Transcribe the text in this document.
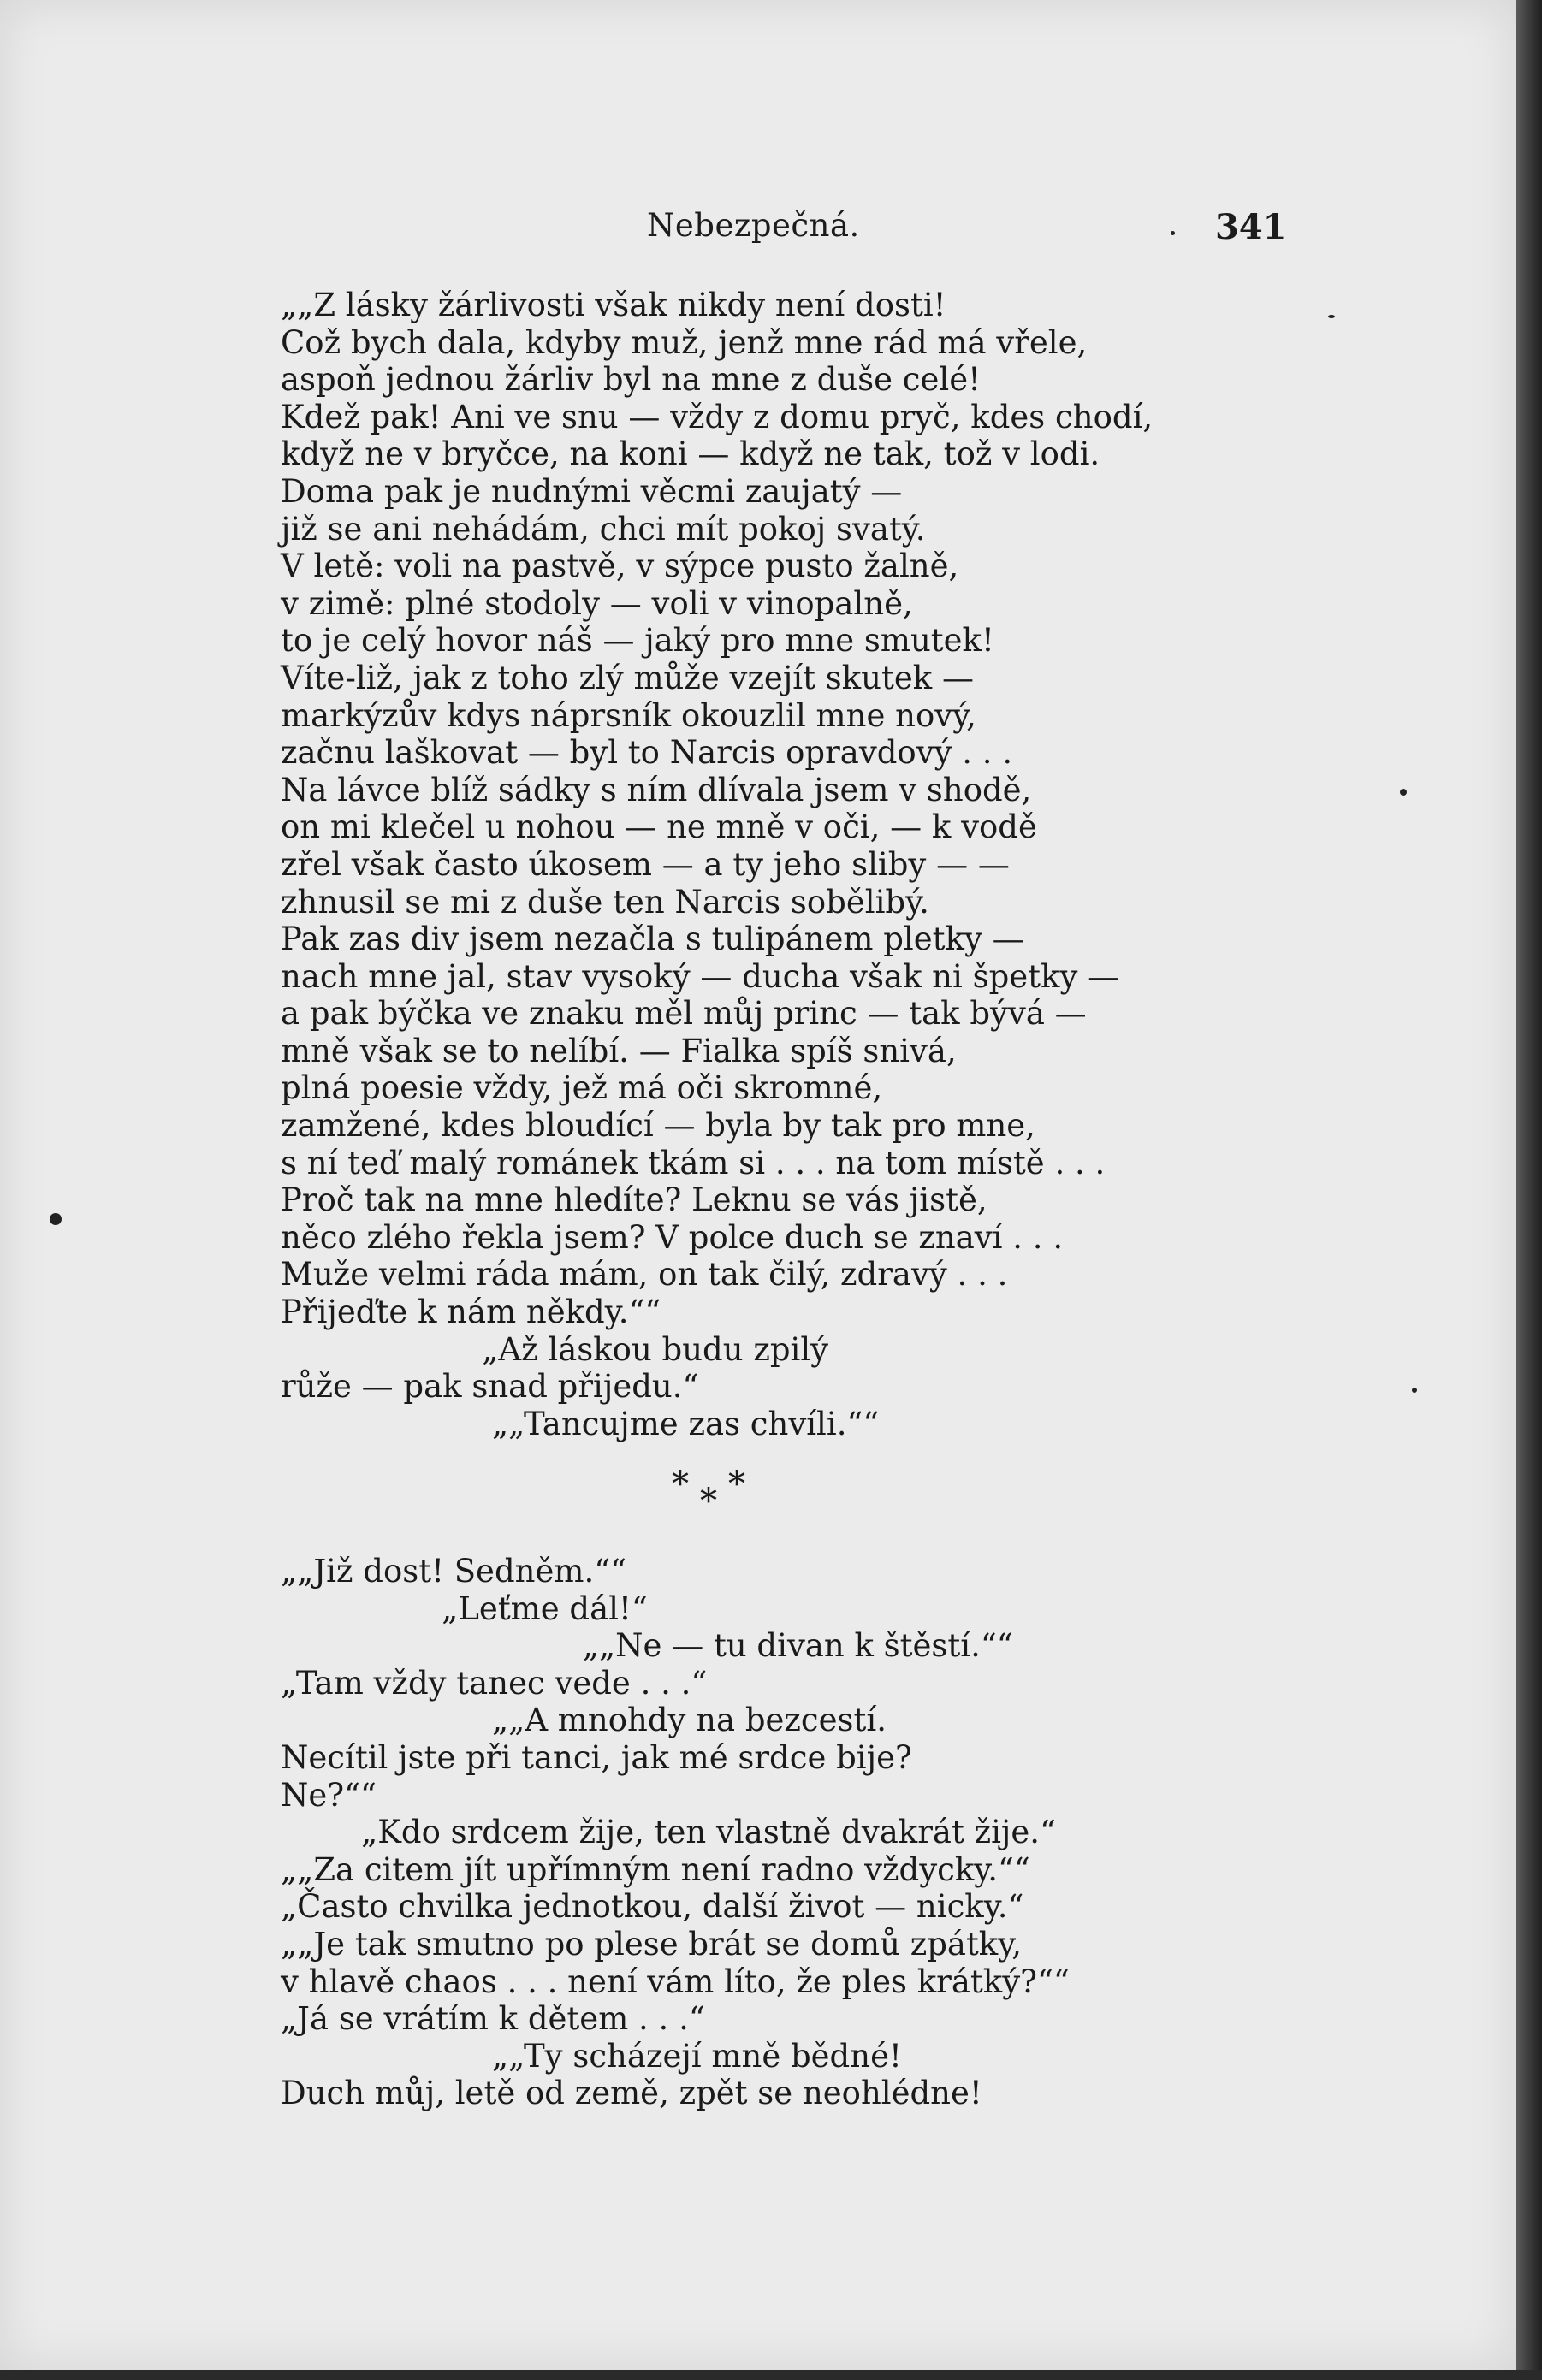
Nebezpečná.	341
„„Z lásky žárlivosti však nikdy není dosti!
Což bych dala, kdyby muž, jenž mne rád má vřele,
aspoň jednou žárliv byl na mne z duše celé!
Kdež pak! Ani ve snu — vždy z domu pryč, kdes chodí,
když ne v bryčce, na koni — když ne tak, tož v lodi.
Doma pak je nudnými věcmi zaujatý —
již se ani nehádám, chci mít pokoj svatý.
V letě: voli na pastvě, v sýpce pusto žalně,
v zimě: plné stodoly — voli v vinopalně,
to je celý hovor náš — jaký pro mne smutek!
Víte-liž, jak z toho zlý může vzejít skutek —
markýzův kdys náprsník okouzlil mne nový,
začnu laškovat — byl to Narcis opravdový . . .
Na lávce blíž sádky s ním dlívala jsem v shodě,
on mi klečel u nohou — ne mně v oči, — k vodě
zřel však často úkosem — a ty jeho sliby — —
zhnusil se mi z duše ten Narcis sobělibý.
Pak zas div jsem nezačla s tulipánem pletky —
nach mne jal, stav vysoký — ducha však ni špetky —
a pak býčka ve znaku měl můj princ — tak bývá —
mně však se to nelíbí. — Fialka spíš snivá,
plná poesie vždy, jež má oči skromné,
zamžené, kdes bloudící — byla by tak pro mne,
s ní teď malý románek tkám si . . . na tom místě . . .
Proč tak na mne hledíte? Leknu se vás jistě,
něco zlého řekla jsem? V polce duch se znaví . . .
Muže velmi ráda mám, on tak čilý, zdravý . . .
Přijeďte k nám někdy.““
„Až láskou budu zpilý
růže — pak snad přijedu.“
„„Tancujme zas chvíli.““
* * *
„„Již dost! Sedněm.““
„Leťme dál!“
„„Ne — tu divan k štěstí.““
„Tam vždy tanec vede . . .“
„„A mnohdy na bezcestí.
Necítil jste při tanci, jak mé srdce bije?
Ne?““
„Kdo srdcem žije, ten vlastně dvakrát žije.“
„„Za citem jít upřímným není radno vždycky.““
„Často chvilka jednotkou, další život — nicky.“
„„Je tak smutno po plese brát se domů zpátky,
v hlavě chaos . . . není vám líto, že ples krátký?““
„Já se vrátím k dětem . . .“
„„Ty scházejí mně bědné!
Duch můj, letě od země, zpět se neohlédne!
